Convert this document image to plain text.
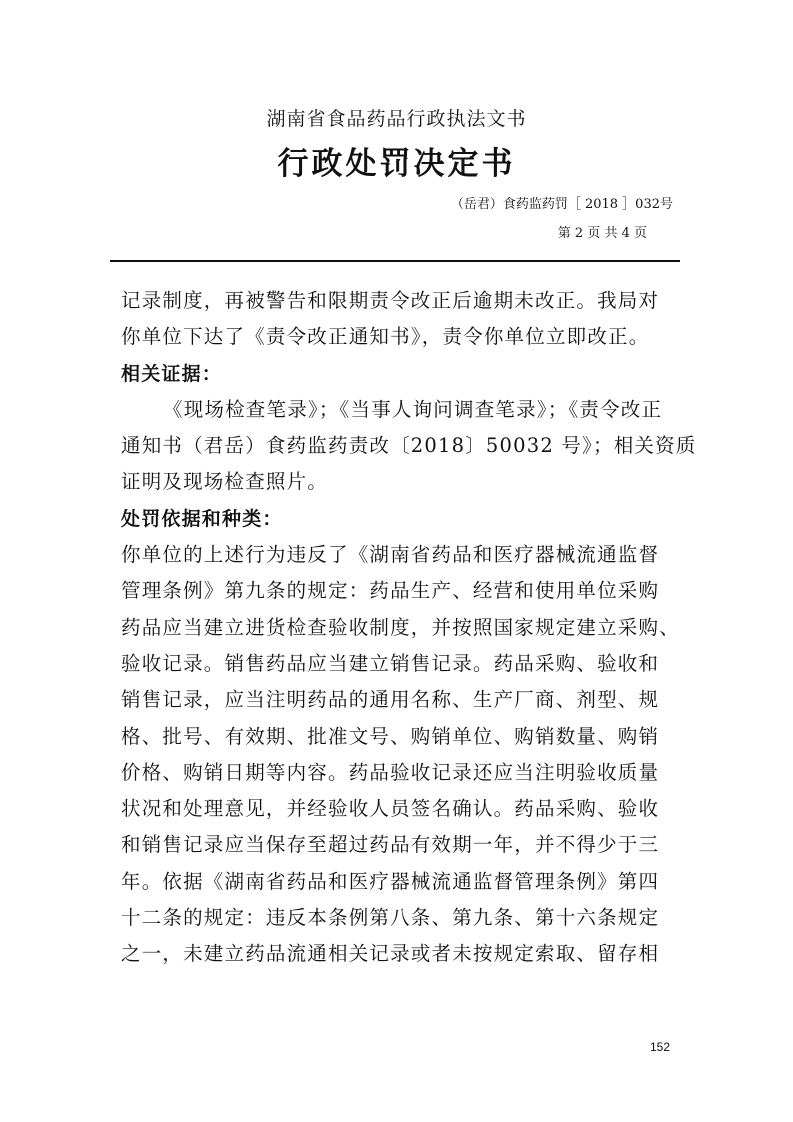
湖南省食品药品行政执法文书
行政处罚决定书
（岳君）食药监药罚［ 2018 ］032号
第 2 页 共 4 页
记录制度，再被警告和限期责令改正后逾期未改正。我局对
你单位下达了《责令改正通知书》，责令你单位立即改正。
相关证据：
《现场检查笔录》；《当事人询问调查笔录》；《责令改正
通知书（君岳）食药监药责改〔2018〕50032 号》；相关资质
证明及现场检查照片。
处罚依据和种类：
你单位的上述行为违反了《湖南省药品和医疗器械流通监督
管理条例》第九条的规定：药品生产、经营和使用单位采购
药品应当建立进货检查验收制度，并按照国家规定建立采购、
验收记录。销售药品应当建立销售记录。药品采购、验收和
销售记录，应当注明药品的通用名称、生产厂商、剂型、规
格、批号、有效期、批准文号、购销单位、购销数量、购销
价格、购销日期等内容。药品验收记录还应当注明验收质量
状况和处理意见，并经验收人员签名确认。药品采购、验收
和销售记录应当保存至超过药品有效期一年，并不得少于三
年。依据《湖南省药品和医疗器械流通监督管理条例》第四
十二条的规定：违反本条例第八条、第九条、第十六条规定
之一，未建立药品流通相关记录或者未按规定索取、留存相
152
